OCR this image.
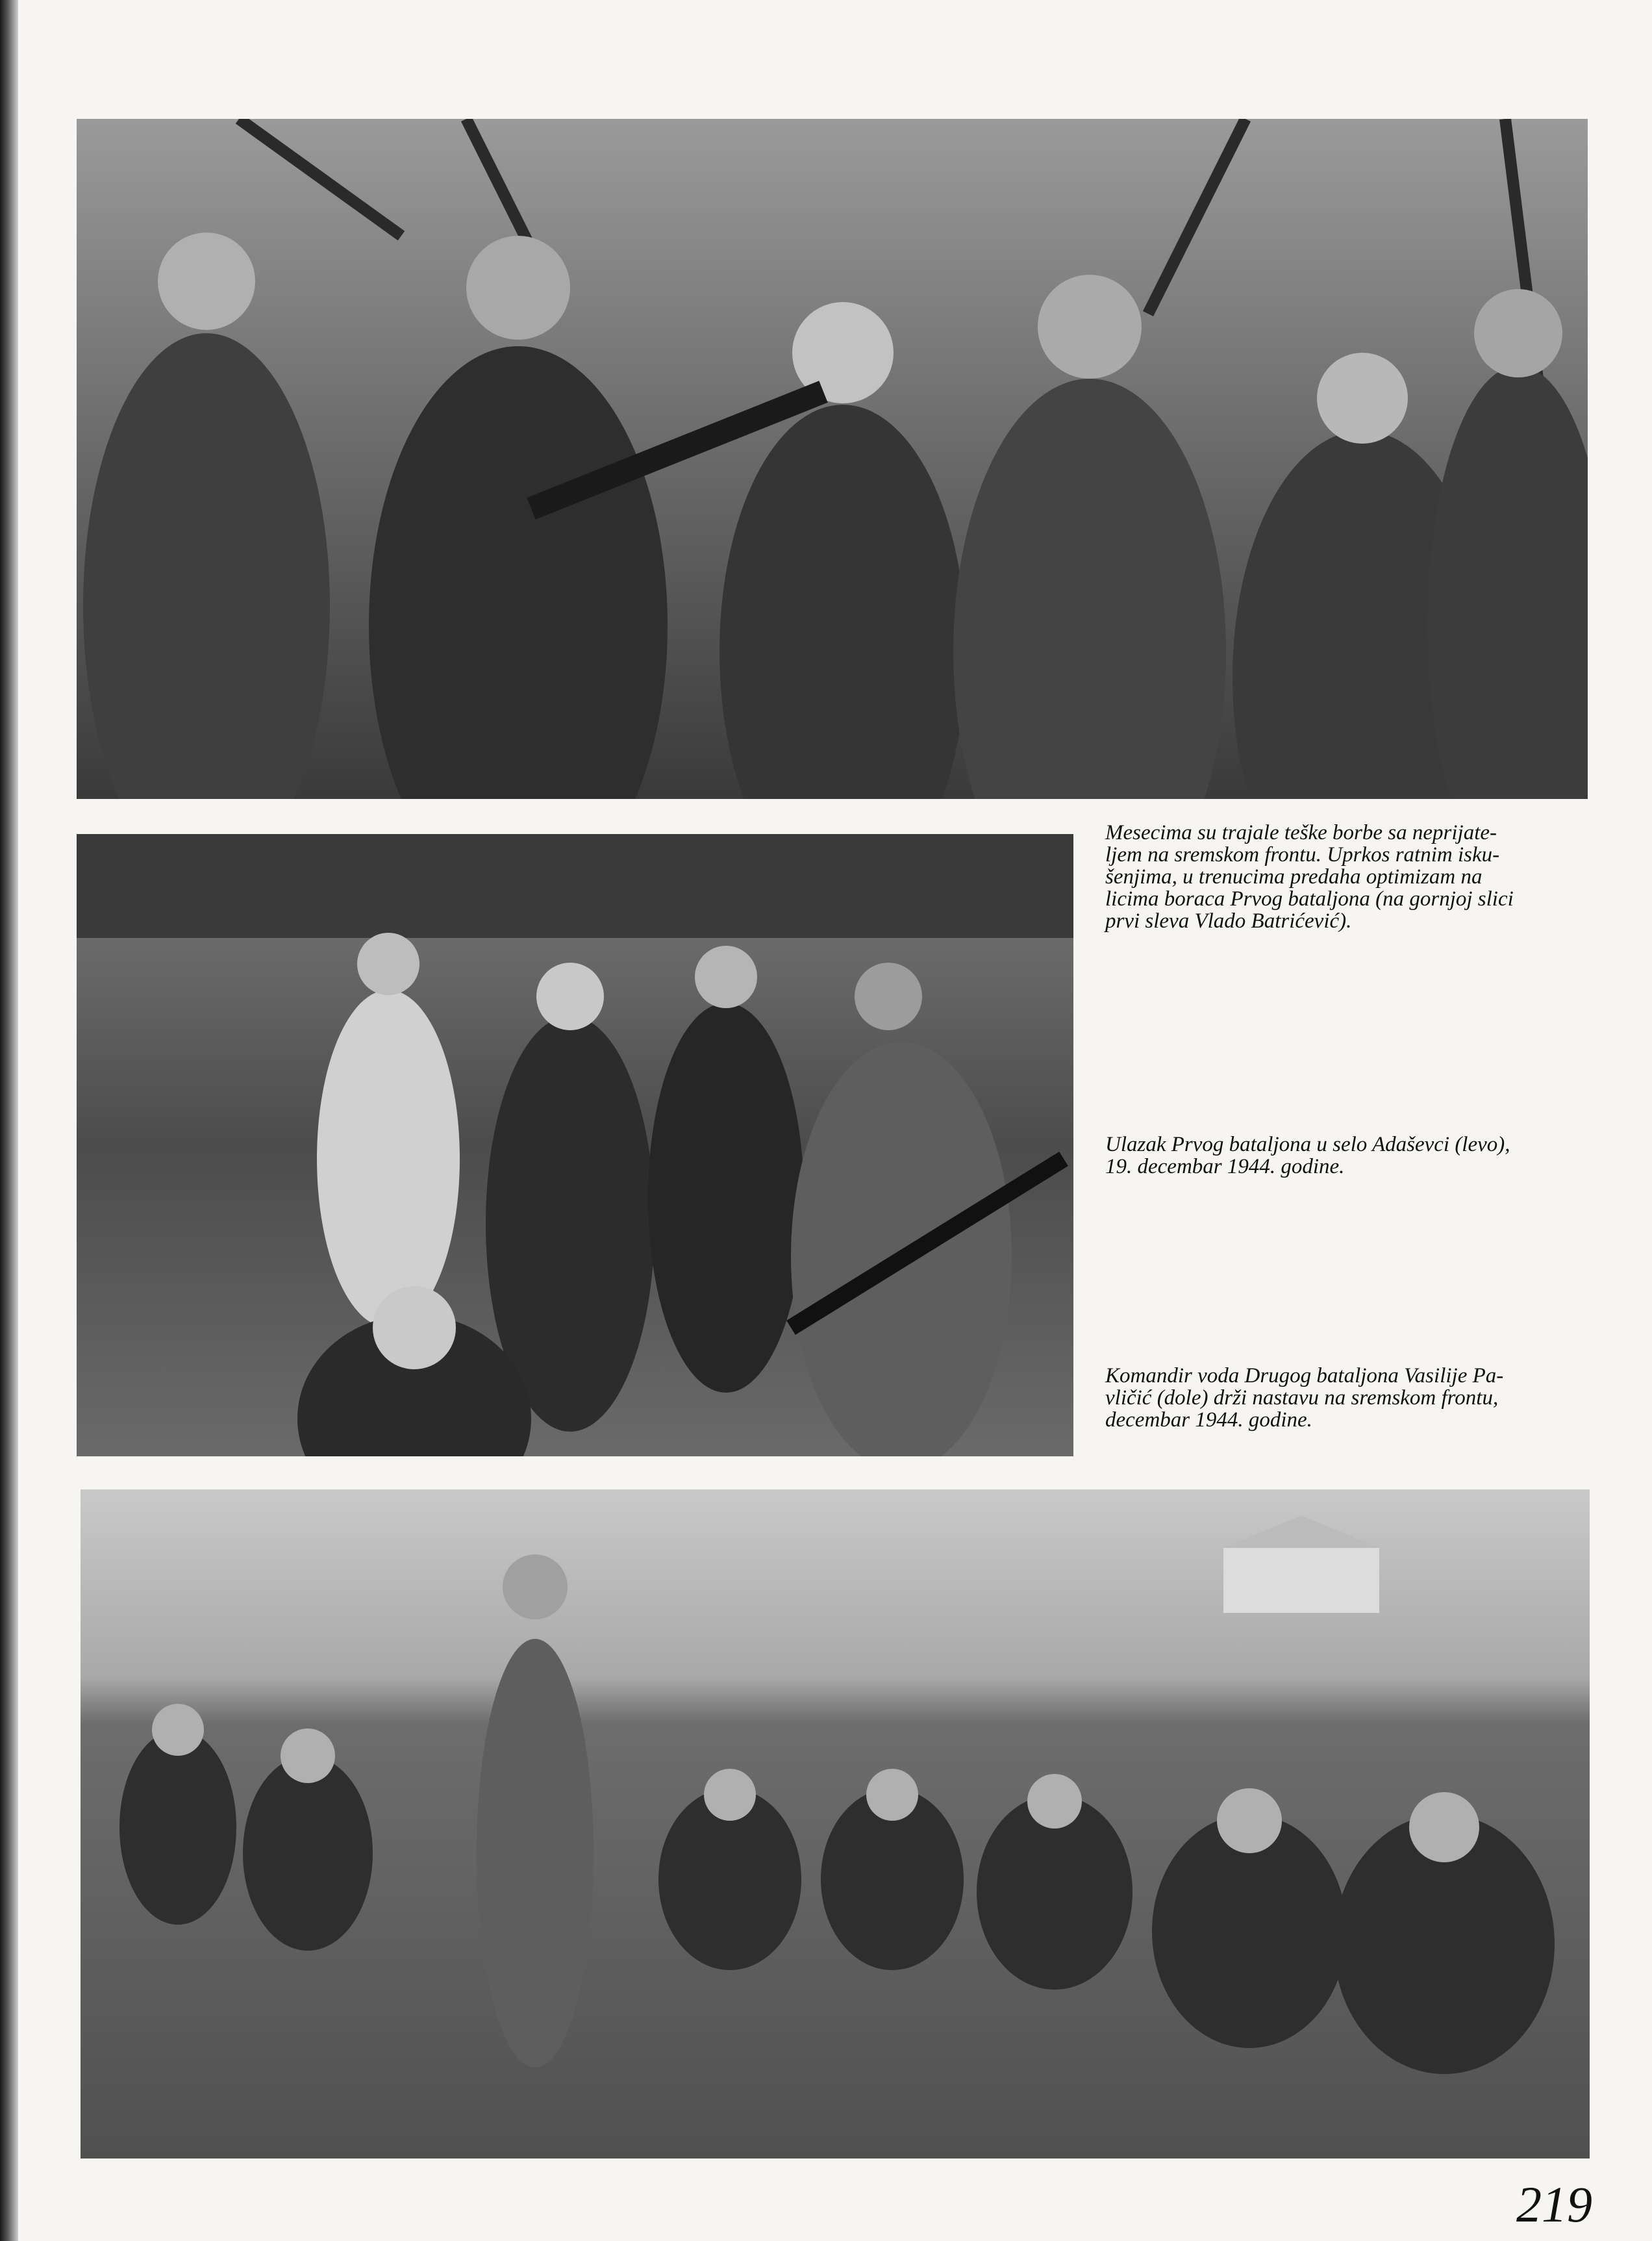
Mesecima su trajale teške borbe sa neprijate-
ljem na sremskom frontu. Uprkos ratnim isku-
šenjima, u trenucima predaha optimizam na
licima boraca Prvog bataljona (na gornjoj slici
prvi sleva Vlado Batrićević).

Ulazak Prvog bataljona u selo Adaševci (levo),
19. decembar 1944. godine.

Komandir voda Drugog bataljona Vasilije Pa-
vličić (dole) drži nastavu na sremskom frontu,
decembar 1944. godine.

219
